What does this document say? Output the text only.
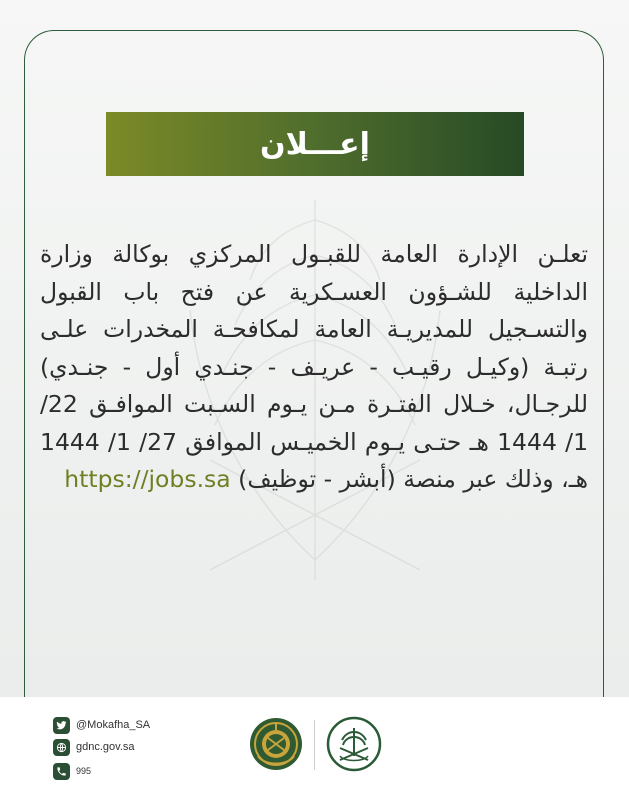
إعـــلان
تعلـن الإدارة العامة للقبـول المركزي بوكالة وزارة الداخلية للشـؤون العسـكرية عن فتح باب القبول والتسـجيل للمديريـة العامة لمكافحـة المخدرات علـى رتبـة (وكيـل رقيـب - عريـف - جنـدي أول - جنـدي) للرجـال، خـلال الفتـرة مـن يـوم السـبت الموافـق 22/ 1/ 1444 هـ حتـى يـوم الخميـس الموافق 27/ 1/ 1444 هـ، وذلك عبر منصة (أبشر - توظيف) https://jobs.sa
@Mokafha_SA
gdnc.gov.sa
995
